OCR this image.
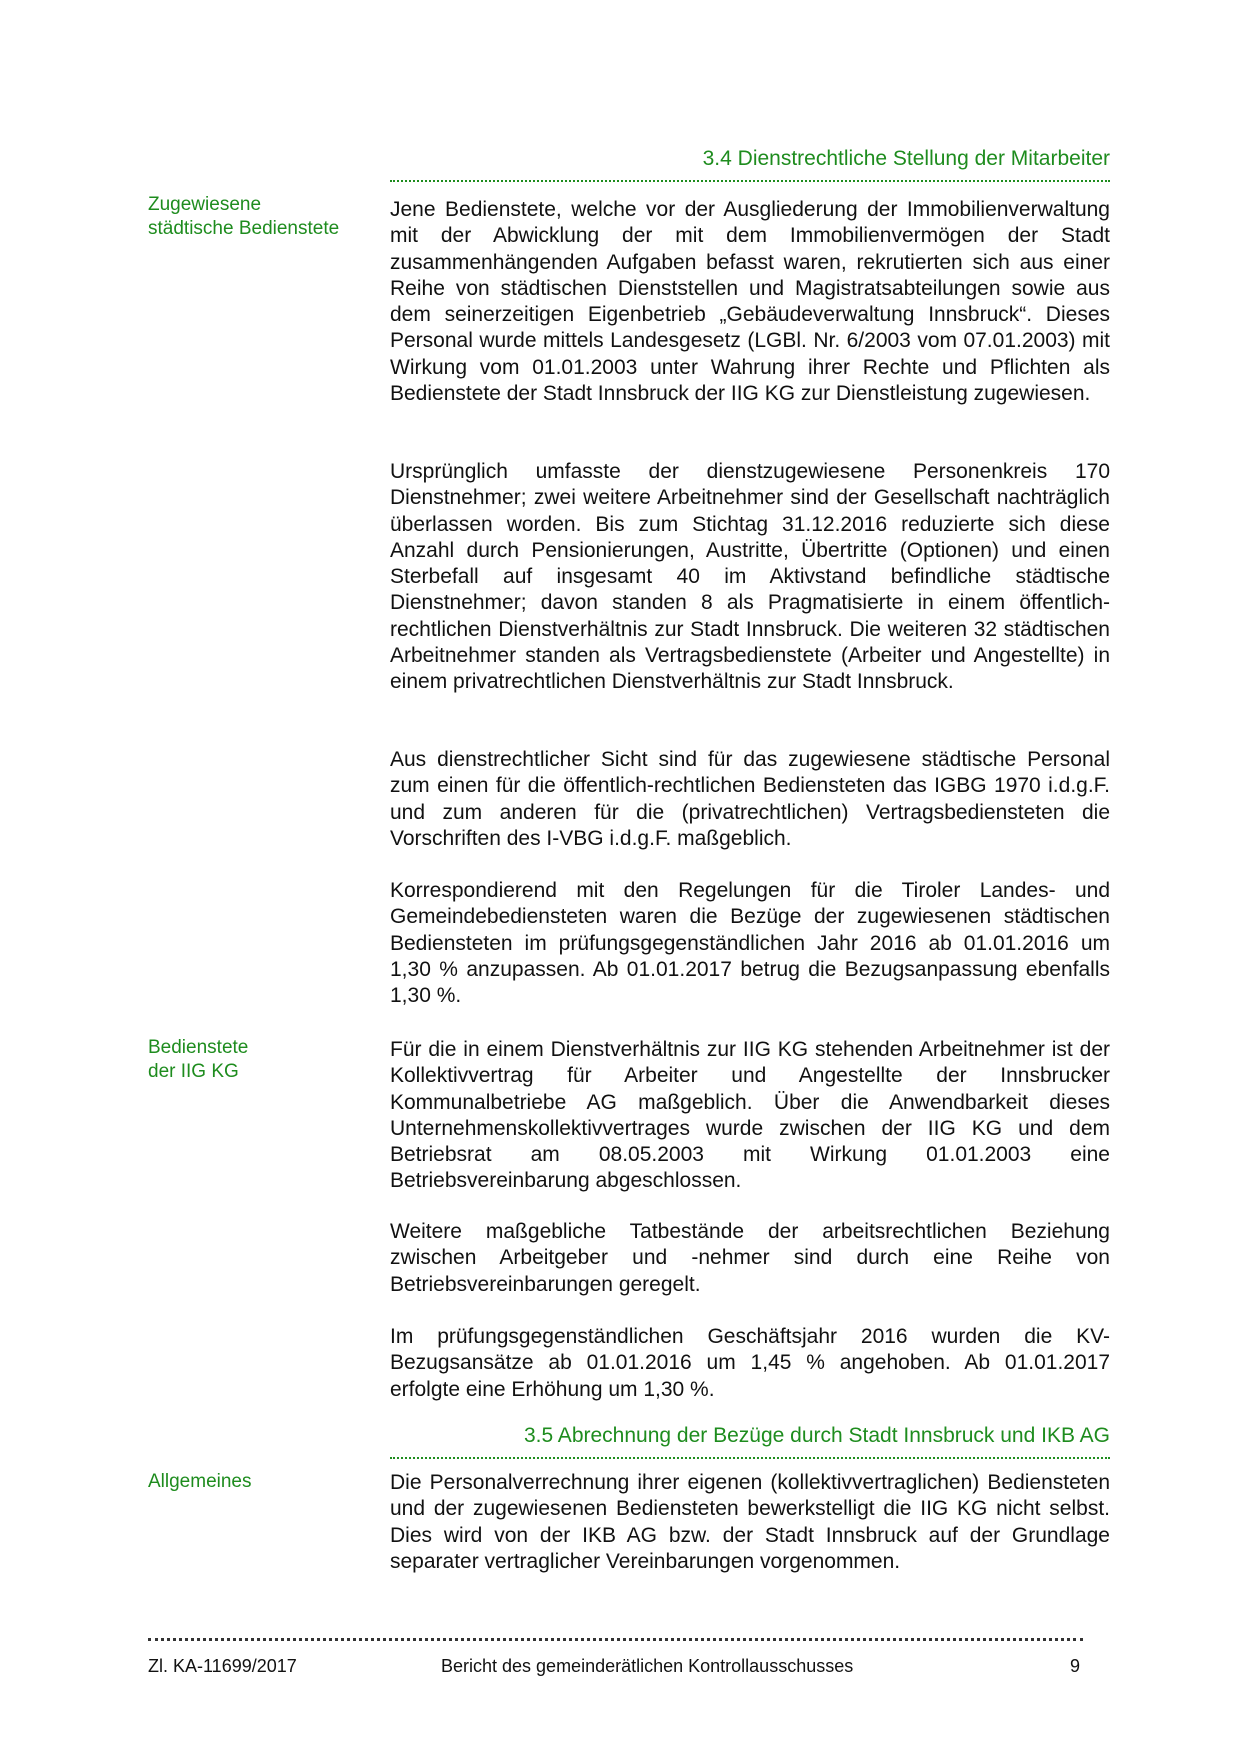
3.4 Dienstrechtliche Stellung der Mitarbeiter
Zugewiesene
städtische Bedienstete
Jene Bedienstete, welche vor der Ausgliederung der Immobilienverwaltung mit der Abwicklung der mit dem Immobilienvermögen der Stadt zusammenhängenden Aufgaben befasst waren, rekrutierten sich aus einer Reihe von städtischen Dienststellen und Magistratsabteilungen sowie aus dem seinerzeitigen Eigenbetrieb „Gebäudeverwaltung Innsbruck“. Dieses Personal wurde mittels Landesgesetz (LGBl. Nr. 6/2003 vom 07.01.2003) mit Wirkung vom 01.01.2003 unter Wahrung ihrer Rechte und Pflichten als Bedienstete der Stadt Innsbruck der IIG KG zur Dienstleistung zugewiesen.
Ursprünglich umfasste der dienstzugewiesene Personenkreis 170 Dienstnehmer; zwei weitere Arbeitnehmer sind der Gesellschaft nachträglich überlassen worden. Bis zum Stichtag 31.12.2016 reduzierte sich diese Anzahl durch Pensionierungen, Austritte, Übertritte (Optionen) und einen Sterbefall auf insgesamt 40 im Aktivstand befindliche städtische Dienstnehmer; davon standen 8 als Pragmatisierte in einem öffentlich-rechtlichen Dienstverhältnis zur Stadt Innsbruck. Die weiteren 32 städtischen Arbeitnehmer standen als Vertragsbedienstete (Arbeiter und Angestellte) in einem privatrechtlichen Dienstverhältnis zur Stadt Innsbruck.
Aus dienstrechtlicher Sicht sind für das zugewiesene städtische Personal zum einen für die öffentlich-rechtlichen Bediensteten das IGBG 1970 i.d.g.F. und zum anderen für die (privatrechtlichen) Vertragsbediensteten die Vorschriften des I-VBG i.d.g.F. maßgeblich.
Korrespondierend mit den Regelungen für die Tiroler Landes- und Gemeindebediensteten waren die Bezüge der zugewiesenen städtischen Bediensteten im prüfungsgegenständlichen Jahr 2016 ab 01.01.2016 um 1,30 % anzupassen. Ab 01.01.2017 betrug die Bezugsanpassung ebenfalls 1,30 %.
Bedienstete
der IIG KG
Für die in einem Dienstverhältnis zur IIG KG stehenden Arbeitnehmer ist der Kollektivvertrag für Arbeiter und Angestellte der Innsbrucker Kommunalbetriebe AG maßgeblich. Über die Anwendbarkeit dieses Unternehmenskollektivvertrages wurde zwischen der IIG KG und dem Betriebsrat am 08.05.2003 mit Wirkung 01.01.2003 eine Betriebsvereinbarung abgeschlossen.
Weitere maßgebliche Tatbestände der arbeitsrechtlichen Beziehung zwischen Arbeitgeber und -nehmer sind durch eine Reihe von Betriebsvereinbarungen geregelt.
Im prüfungsgegenständlichen Geschäftsjahr 2016 wurden die KV-Bezugsansätze ab 01.01.2016 um 1,45 % angehoben. Ab 01.01.2017 erfolgte eine Erhöhung um 1,30 %.
3.5 Abrechnung der Bezüge durch Stadt Innsbruck und IKB AG
Allgemeines	Die Personalverrechnung ihrer eigenen (kollektivvertraglichen) Bediensteten und der zugewiesenen Bediensteten bewerkstelligt die IIG KG nicht selbst. Dies wird von der IKB AG bzw. der Stadt Innsbruck auf der Grundlage separater vertraglicher Vereinbarungen vorgenommen.
Zl. KA-11699/2017	Bericht des gemeinderätlichen Kontrollausschusses	9
